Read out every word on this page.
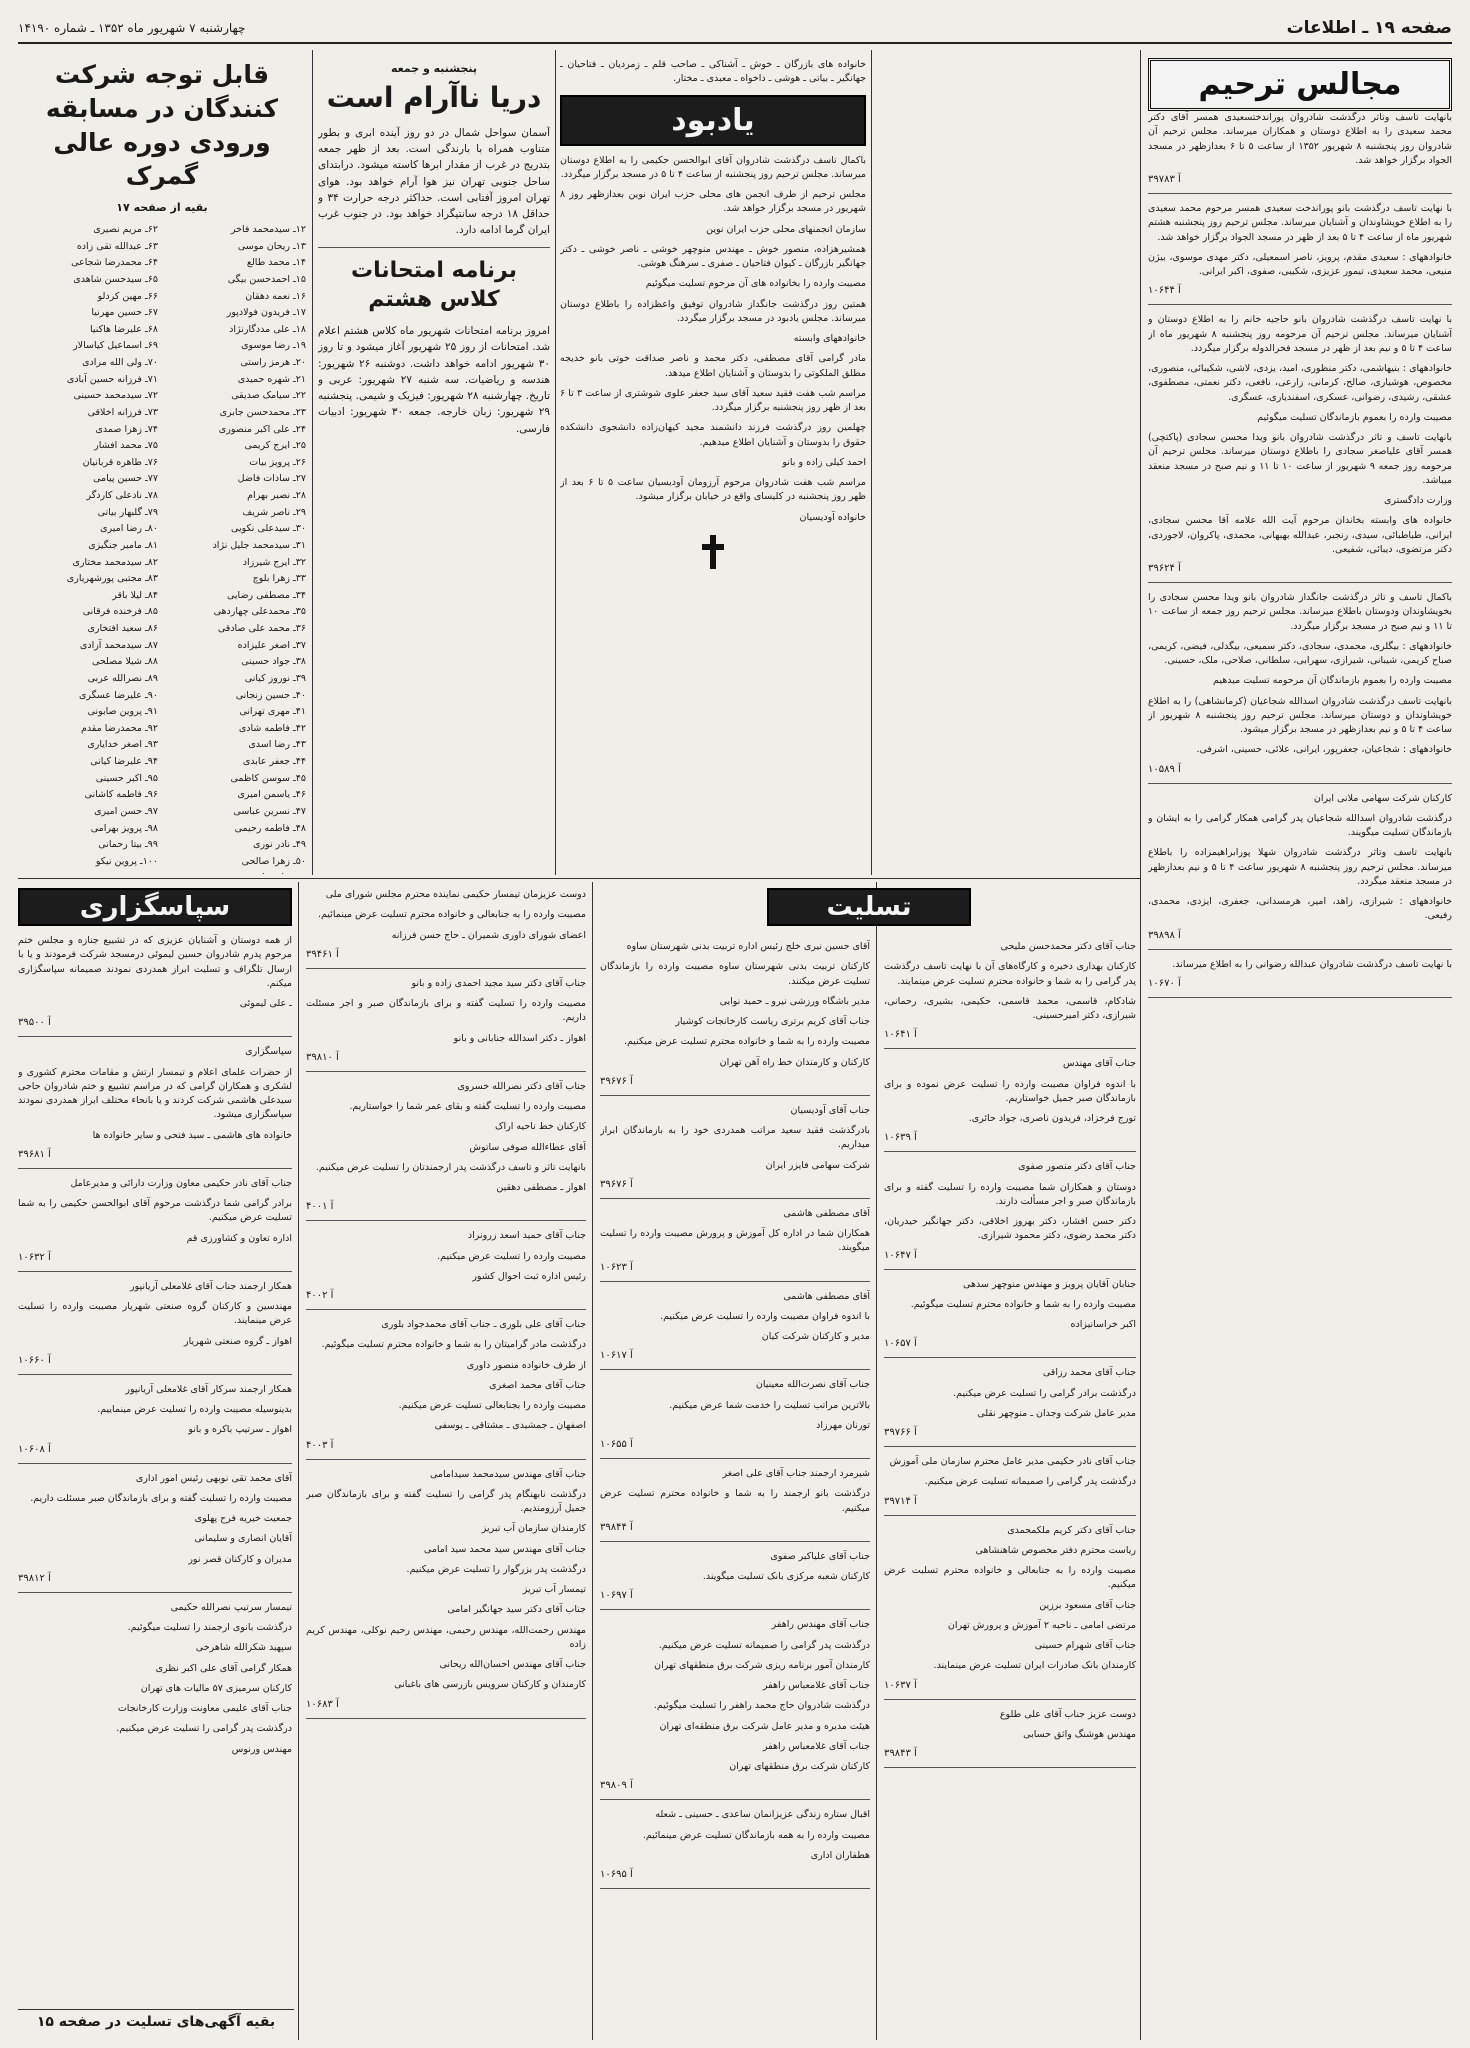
صفحه ۱۹ ـ اطلاعات
چهارشنبه ۷ شهریور ماه ۱۳۵۲ ـ شماره ۱۴۱۹۰
مجالس ترحیم

بانهایت تاسف وتاثر درگذشت شادروان پوراندختسعیدی همسر آقای دکتر محمد سعیدی را به اطلاع دوستان و همکاران میرساند. مجلس ترحیم آن شادروان روز پنجشنبه ۸ شهریور ۱۳۵۲ از ساعت ۵ تا ۶ بعدازظهر در مسجد الجواد برگزار خواهد شد.

۳۹۷۸۳ آ

با نهایت تاسف درگذشت بانو پوراندخت سعیدی همسر مرحوم محمد سعیدی را به اطلاع خویشاوندان و آشنایان میرساند. مجلس ترحیم روز پنجشنبه هشتم شهریور ماه از ساعت ۴ تا ۵ بعد از ظهر در مسجد الجواد برگزار خواهد شد.

خانوادههای : سعیدی مقدم، پرویز، ناصر اسمعیلی، دکتر مهدی موسوی، بیژن منیعی، محمد سعیدی، تیمور عزیزی، شکیبی، صفوی، اکبر ایرانی.

۱۰۶۴۴ آ

با نهایت تاسف درگذشت شادروان بانو حاجیه خانم را به اطلاع دوستان و آشنایان میرساند. مجلس ترحیم آن مرحومه روز پنجشنبه ۸ شهریور ماه از ساعت ۴ تا ۵ و نیم بعد از ظهر در مسجد فخرالدوله برگزار میگردد.

خانوادههای : بنیهاشمی، دکتر منظوری، امید، یزدی، لاشی، شکیبائی، منصوری، مخصوص، هوشیاری، صالح، کرمانی، زارعی، نافعی، دکتر نعمتی، مصطفوی، عشقی، رشیدی، رضوانی، عسکری، اسفندیاری، عسگری.

مصیبت وارده را بعموم بازماندگان تسلیت میگوئیم

بانهایت تاسف و تاثر درگذشت شادروان بانو ویدا محسن سجادی (پاکتچی) همسر آقای علیاصغر سجادی را باطلاع دوستان میرساند. مجلس ترحیم آن مرحومه روز جمعه ۹ شهریور از ساعت ۱۰ تا ۱۱ و نیم صبح در مسجد منعقد میباشد.

وزارت دادگستری

خانواده های وابسته بخاندان مرحوم آیت الله علامه آقا محسن سجادی، ایرانی، طباطبائی، سیدی، رنجبر، عبدالله بهبهانی، محمدی، پاکروان، لاجوردی، دکتر مرتضوی، دیبائی، شفیعی.

۳۹۶۲۴ آ

باکمال تاسف و تاثر درگذشت جانگداز شادروان بانو ویدا محسن سجادی را بخویشاوندان ودوستان باطلاع میرساند. مجلس ترحیم روز جمعه از ساعت ۱۰ تا ۱۱ و نیم صبح در مسجد برگزار میگردد.

خانوادههای : بیگلری، محمدی، سجادی، دکتر سمیعی، بیگدلی، فیضی، کریمی، صباح کریمی، شیبانی، شیرازی، سهرابی، سلطانی، صلاحی، ملک، حسینی.

مصیبت وارده را بعموم بازماندگان آن مرحومه تسلیت میدهیم

بانهایت تاسف درگذشت شادروان اسدالله شجاعیان (کرمانشاهی) را به اطلاع خویشاوندان و دوستان میرساند. مجلس ترحیم روز پنجشنبه ۸ شهریور از ساعت ۴ تا ۵ و نیم بعدازظهر در مسجد برگزار میشود.

خانوادههای : شجاعیان، جعفرپور، ایرانی، علائی، حسینی، اشرفی.

۱۰۵۸۹ آ

کارکنان شرکت سهامی ملانی ایران

درگذشت شادروان اسدالله شجاعیان پدر گرامی همکار گرامی را به ایشان و بازماندگان تسلیت میگویند.

بانهایت تاسف وتاثر درگذشت شادروان شهلا پورابراهیمزاده را باطلاع میرساند. مجلس ترحیم روز پنجشنبه ۸ شهریور ساعت ۴ تا ۵ و نیم بعدازظهر در مسجد منعقد میگردد.

خانوادههای : شیرازی، زاهد، امیر، هرمسدانی، جعفری، ایزدی، محمدی، رفیعی.

۳۹۸۹۸ آ

با نهایت تاسف درگذشت شادروان عبدالله رضوانی را به اطلاع میرساند.

۱۰۶۷۰ آ

خانواده های بازرگان ـ خوش ـ آشناکی ـ صاحب قلم ـ زمردیان ـ فتاحیان ـ جهانگیر ـ بیاتی ـ هوشی ـ داخواه ـ معبدی ـ مختار.

یادبود

باکمال تاسف درگذشت شادروان آقای ابوالحسن حکیمی را به اطلاع دوستان میرساند. مجلس ترحیم روز پنجشنبه از ساعت ۴ تا ۵ در مسجد برگزار میگردد.

مجلس ترحیم از طرف انجمن های محلی حزب ایران نوین بعدازظهر روز ۸ شهریور در مسجد برگزار خواهد شد.

سازمان انجمنهای محلی حزب ایران نوین

همشیرهزاده، منصور خوش ـ مهندس منوچهر خوشی ـ ناصر خوشی ـ دکتر جهانگیر بازرگان ـ کیوان فتاحیان ـ صفری ـ سرهنگ هوشی.

مصیبت وارده را بخانواده های آن مرحوم تسلیت میگوئیم

همتین روز درگذشت جانگداز شادروان توفیق واعظزاده را باطلاع دوستان میرساند. مجلس یادبود در مسجد برگزار میگردد.

خانوادههای وابسته

مادر گرامی آقای مصطفی، دکتر محمد و ناصر صداقت خوتی بانو خدیجه مطلق الملکوتی را بدوستان و آشنایان اطلاع میدهد.

مراسم شب هفت فقید سعید آقای سید جعفر علوی شوشتری از ساعت ۳ تا ۶ بعد از ظهر روز پنجشنبه برگزار میگردد.

چهلمین روز درگذشت فرزند دانشمند مجید کیهان‌زاده دانشجوی دانشکده حقوق را بدوستان و آشنایان اطلاع میدهیم.

احمد کیلی زاده و بانو

مراسم شب هفت شادروان مرحوم آرزومان آودیسیان ساعت ۵ تا ۶ بعد از ظهر روز پنجشنبه در کلیسای واقع در خیابان برگزار میشود.

خانواده آودیسیان

پنجشنبه و جمعه
دریا ناآرام است

آسمان سواحل شمال در دو روز آینده ابری و بطور متناوب همراه با بارندگی است. بعد از ظهر جمعه بتدریج در غرب از مقدار ابرها کاسته میشود. درابتدای ساحل جنوبی تهران نیز هوا آرام خواهد بود. هوای تهران امروز آفتابی است. حداکثر درجه حرارت ۳۴ و حداقل ۱۸ درجه سانتیگراد خواهد بود. در جنوب غرب ایران گرما ادامه دارد.

برنامه امتحانات کلاس هشتم

امروز برنامه امتحانات شهریور ماه کلاس هشتم اعلام شد. امتحانات از روز ۲۵ شهریور آغاز میشود و تا روز ۳۰ شهریور ادامه خواهد داشت. دوشنبه ۲۶ شهریور: هندسه و ریاضیات. سه شنبه ۲۷ شهریور: عربی و تاریخ. چهارشنبه ۲۸ شهریور: فیزیک و شیمی. پنجشنبه ۲۹ شهریور: زبان خارجه. جمعه ۳۰ شهریور: ادبیات فارسی.

قابل توجه شرکت کنندگان در مسابقه ورودی دوره عالی گمرک
بقیه از صفحه ۱۷
۱۲ـ سیدمحمد فاخر
۶۲ـ مریم نصیری
۱۳ـ ریحان موسی
۶۳ـ عبدالله تقی زاده
۱۴ـ محمد طالع
۶۴ـ محمدرضا شجاعی
۱۵ـ احمدحسن بیگی
۶۵ـ سیدحسن شاهدی
۱۶ـ نعمه دهقان
۶۶ـ مهین کردلو
۱۷ـ فریدون فولادپور
۶۷ـ حسین مهرنیا
۱۸ـ علی مددگارنژاد
۶۸ـ علیرضا هاکنیا
۱۹ـ رضا موسوی
۶۹ـ اسماعیل کیاسالار
۲۰ـ هرمز راستی
۷۰ـ ولی الله مرادی
۲۱ـ شهره حمیدی
۷۱ـ فرزانه حسین آبادی
۲۲ـ سیامک صدیقی
۷۲ـ سیدمحمد حسینی
۲۳ـ محمدحسن جابری
۷۳ـ فرزانه اخلاقی
۲۴ـ علی اکبر منصوری
۷۴ـ زهرا صمدی
۲۵ـ ایرج کریمی
۷۵ـ محمد افشار
۲۶ـ پرویز بیات
۷۶ـ طاهره قربانیان
۲۷ـ سادات فاضل
۷۷ـ حسین پیامی
۲۸ـ نصیر بهرام
۷۸ـ نادعلی کاردگر
۲۹ـ ناصر شریف
۷۹ـ گلبهار بیاتی
۳۰ـ سیدعلی نکویی
۸۰ـ رضا امیری
۳۱ـ سیدمحمد جلیل نژاد
۸۱ـ مامیر جنگیزی
۳۲ـ ایرج شیرزاد
۸۲ـ سیدمحمد مختاری
۳۳ـ زهرا بلوچ
۸۳ـ مجتبی پورشهریاری
۳۴ـ مصطفی رضایی
۸۴ـ لیلا باقر
۳۵ـ محمدعلی چهاردهی
۸۵ـ فرخنده فرقانی
۳۶ـ محمد علی صادقی
۸۶ـ سعید افتخاری
۳۷ـ اصغر علیزاده
۸۷ـ سیدمحمد آزادی
۳۸ـ جواد حسینی
۸۸ـ شیلا مصلحی
۳۹ـ نوروز کیانی
۸۹ـ نصرالله عربی
۴۰ـ حسین زنجانی
۹۰ـ علیرضا عسگری
۴۱ـ مهری تهرانی
۹۱ـ پروین صابونی
۴۲ـ فاطمه شادی
۹۲ـ محمدرضا مقدم
۴۳ـ رضا اسدی
۹۳ـ اصغر خدایاری
۴۴ـ جعفر عابدی
۹۴ـ علیرضا کیانی
۴۵ـ سوسن کاظمی
۹۵ـ اکبر حسینی
۴۶ـ یاسمن امیری
۹۶ـ فاطمه کاشانی
۴۷ـ نسرین عباسی
۹۷ـ حسن امیری
۴۸ـ فاطمه رحیمی
۹۸ـ پرویز بهرامی
۴۹ـ نادر نوری
۹۹ـ بیتا رحمانی
۵۰ـ زهرا صالحی
۱۰۰ـ پروین نیکو

تسلیت

جناب آقای دکتر محمدحسن ملیحی

کارکنان بهداری دخیره و کارگاه‌های آن با نهایت تاسف درگذشت پدر گرامی را به شما و خانواده محترم تسلیت عرض مینمایند.

شادکام، قاسمی، محمد قاسمی، حکیمی، بشیری، رحمانی، شیرازی، دکتر امیرحسینی.

۱۰۶۴۱ آ

جناب آقای مهندس

با اندوه فراوان مصیبت وارده را تسلیت عرض نموده و برای بازماندگان صبر جمیل خواستاریم.

تورج فرخزاد، فریدون ناصری، جواد حائری.

۱۰۶۳۹ آ

جناب آقای دکتر منصور صفوی

دوستان و همکاران شما مصیبت وارده را تسلیت گفته و برای بازماندگان صبر و اجر مسألت دارند.

دکتر حسن افشار، دکتر بهروز اخلاقی، دکتر جهانگیر حیدریان، دکتر محمد رضوی، دکتر محمود شیرازی.

۱۰۶۴۷ آ

جنابان آقایان پرویز و مهندس منوچهر سدهی

مصیبت وارده را به شما و خانواده محترم تسلیت میگوئیم.

اکبر خراسانیزاده

۱۰۶۵۷ آ

جناب آقای محمد رزاقی

درگذشت برادر گرامی را تسلیت عرض میکنیم.

مدیر عامل شرکت وجدان ـ منوچهر نقلی

۳۹۷۶۶ آ

جناب آقای نادر حکیمی مدیر عامل محترم سازمان ملی آموزش

درگذشت پدر گرامی را صمیمانه تسلیت عرض میکنیم.

۳۹۷۱۴ آ

جناب آقای دکتر کریم ملکمحمدی

ریاست محترم دفتر مخصوص شاهنشاهی

مصیبت وارده را به جنابعالی و خانواده محترم تسلیت عرض میکنیم.

جناب آقای مسعود برزین

مرتضی امامی ـ ناحیه ۲ آموزش و پرورش تهران

جناب آقای شهرام حسینی

کارمندان بانک صادرات ایران تسلیت عرض مینمایند.

۱۰۶۳۷ آ

دوست عزیز جناب آقای علی طلوع

مهندس هوشنگ واثق حسابی

۳۹۸۴۳ آ

آقای حسین نیری خلج رئیس اداره تربیت بدنی شهرستان ساوه

کارکنان تربیت بدنی شهرستان ساوه مصیبت وارده را بازماندگان تسلیت عرض میکنند.

مدیر باشگاه ورزشی نیرو ـ حمید نوایی

جناب آقای کریم برتری ریاست کارخانجات کوشیار

مصیبت وارده را به شما و خانواده محترم تسلیت عرض میکنیم.

کارکنان و کارمندان خط راه آهن تهران

۳۹۶۷۶ آ

جناب آقای آودیسیان

بادرگذشت فقید سعید مراتب همدردی خود را به بازماندگان ابراز میداریم.

شرکت سهامی فایزر ایران

۳۹۶۷۶ آ

آقای مصطفی هاشمی

همکاران شما در اداره کل آموزش و پرورش مصیبت وارده را تسلیت میگویند.

۱۰۶۲۳ آ

آقای مصطفی هاشمی

با اندوه فراوان مصیبت وارده را تسلیت عرض میکنیم.

مدیر و کارکنان شرکت کیان

۱۰۶۱۷ آ

جناب آقای نصرت‌الله معینیان

بالاترین مراتب تسلیت را خدمت شما عرض میکنیم.

تورنان مهرزاد

۱۰۶۵۵ آ

شیرمرد ارجمند جناب آقای علی اصغر

درگذشت بانو ارجمند را به شما و خانواده محترم تسلیت عرض میکنیم.

۳۹۸۴۴ آ

جناب آقای علیاکبر صفوی

کارکنان شعبه مرکزی بانک تسلیت میگویند.

۱۰۶۹۷ آ

جناب آقای مهندس راهفر

درگذشت پدر گرامی را صمیمانه تسلیت عرض میکنیم.

کارمندان آمور برنامه ریزی شرکت برق منطقهای تهران

جناب آقای غلامعباس راهفر

درگذشت شادروان حاج محمد راهفر را تسلیت میگوئیم.

هیئت مدیره و مدیر عامل شرکت برق منطقه‌ای تهران

جناب آقای غلامعباس راهفر

کارکنان شرکت برق منطقهای تهران

۳۹۸۰۹ آ

اقبال ستاره زندگی عزیزانمان ساعدی ـ حسینی ـ شعله

مصیبت وارده را به همه بازماندگان تسلیت عرض مینمائیم.

هطفاران اداری

۱۰۶۹۵ آ

دوست عزیزمان تیمسار حکیمی نماینده محترم مجلس شورای ملی

مصیبت وارده را به جنابعالی و خانواده محترم تسلیت عرض مینمائیم.

اعضای شورای داوری شمیران ـ حاج حسن فرزانه

۳۹۴۶۱ آ

جناب آقای دکتر سید مجید احمدی زاده و بانو

مصیبت وارده را تسلیت گفته و برای بازماندگان صبر و اجر مسئلت داریم.

اهواز ـ دکتر اسدالله جنابانی و بانو

۳۹۸۱۰ آ

جناب آقای دکتر نصرالله خسروی

مصیبت وارده را تسلیت گفته و بقای عمر شما را خواستاریم.

کارکنان خط ناحیه اراک

آقای عطاءالله صوفی ساتوش

بانهایت تاثر و تاسف درگذشت پدر ارجمندتان را تسلیت عرض میکنیم.

اهواز ـ مصطفی دهقین

۴۰۰۱ آ

جناب آقای حمید اسعد زرونراد

مصیبت وارده را تسلیت عرض میکنیم.

رئیس اداره ثبت احوال کشور

۴۰۰۲ آ

جناب آقای علی بلوری ـ جناب آقای محمدجواد بلوری

درگذشت مادر گرامیتان را به شما و خانواده محترم تسلیت میگوئیم.

از طرف خانواده منصور داوری

جناب آقای محمد اصغری

مصیبت وارده را بجنابعالی تسلیت عرض میکنیم.

اصفهان ـ جمشیدی ـ مشتاقی ـ یوسفی

۴۰۰۳ آ

جناب آقای مهندس سیدمحمد سیدامامی

درگذشت نابهنگام پدر گرامی را تسلیت گفته و برای بازماندگان صبر جمیل آرزومندیم.

کارمندان سازمان آب تبریز

جناب آقای مهندس سید محمد سید امامی

درگذشت پدر بزرگوار را تسلیت عرض میکنیم.

تیمسار آب تبریز

جناب آقای دکتر سید جهانگیر امامی

مهندس رحمت‌الله، مهندس رحیمی، مهندس رحیم نوکلی، مهندس کریم زاده

جناب آقای مهندس احسان‌الله ریحانی

کارمندان و کارکنان سرویس بازرسی های باغبانی

۱۰۶۸۳ آ
سپاسگزاری

از همه دوستان و آشنایان عزیزی که در تشییع جنازه و مجلس ختم مرحوم پدرم شادروان حسین لیموئی درمسجد شرکت فرمودند و یا با ارسال تلگراف و تسلیت ابراز همدردی نمودند صمیمانه سپاسگزاری میکنم.

ـ علی لیموئی

۳۹۵۰۰ آ

سپاسگزاری

از حضرات علمای اعلام و تیمسار ارتش و مقامات محترم کشوری و لشکری و همکاران گرامی که در مراسم تشییع و ختم شادروان حاجی سیدعلی هاشمی شرکت کردند و یا بانحاء مختلف ابراز همدردی نمودند سپاسگزاری میشود.

خانواده های هاشمی ـ سید فتحی و سایر خانواده ها

۳۹۶۸۱ آ

جناب آقای نادر حکیمی معاون وزارت دارائی و مدیرعامل

برادر گرامی شما درگذشت مرحوم آقای ابوالحسن حکیمی را به شما تسلیت عرض میکنیم.

اداره تعاون و کشاورزی قم

۱۰۶۳۲ آ

همکار ارجمند جناب آقای غلامعلی آریانپور

مهندسین و کارکنان گروه صنعتی شهریار مصیبت وارده را تسلیت عرض مینمایند.

اهواز ـ گروه صنعتی شهریار

۱۰۶۶۰ آ

همکار ارجمند سرکار آقای غلامعلی آریانپور

بدینوسیله مصیبت وارده را تسلیت عرض مینماییم.

اهواز ـ سرتیپ باکره و بانو

۱۰۶۰۸ آ

آقای محمد تقی نوبهی رئیس امور اداری

مصیبت وارده را تسلیت گفته و برای بازماندگان صبر مسئلت داریم.

جمعیت خیریه فرح پهلوی

آقایان انصاری و سلیمانی

مدیران و کارکنان قصر نور

۳۹۸۱۲ آ

تیمسار سرتیپ نصرالله حکیمی

درگذشت بانوی ارجمند را تسلیت میگوئیم.

سپهبد شکرالله شاهرخی

همکار گرامی آقای علی اکبر نظری

کارکنان سرمیزی ۵۷ مالیات های تهران

جناب آقای علیمی معاونت وزارت کارخانجات

درگذشت پدر گرامی را تسلیت عرض میکنیم.

مهندس ورنوس

بقیه آگهی‌های تسلیت در صفحه ۱۵
